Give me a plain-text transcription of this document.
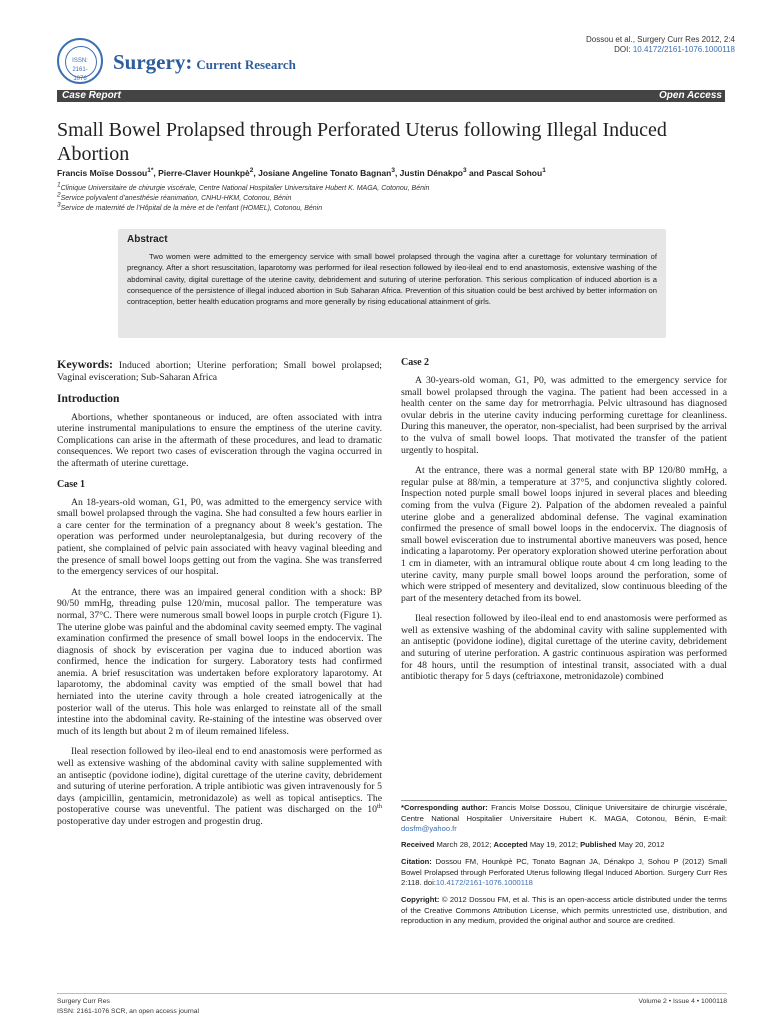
ISSN: 2161-1076
Surgery: Current Research
Dossou et al., Surgery Curr Res 2012, 2:4
DOI: 10.4172/2161-1076.1000118
Case Report	Open Access
Small Bowel Prolapsed through Perforated Uterus following Illegal Induced Abortion
Francis Moïse Dossou$^{1*}$, Pierre-Claver Hounkpè$^2$, Josiane Angeline Tonato Bagnan$^3$, Justin Dénakpo$^3$ and Pascal Sohou$^1$
1Clinique Universitaire de chirurgie viscérale, Centre National Hospitalier Universitaire Hubert K. MAGA, Cotonou, Bénin
2Service polyvalent d’anesthésie réanimation, CNHU-HKM, Cotonou, Bénin
3Service de maternité de l’Hôpital de la mère et de l’enfant (HOMEL), Cotonou, Bénin
Abstract

Two women were admitted to the emergency service with small bowel prolapsed through the vagina after a curettage for voluntary termination of pregnancy. After a short resuscitation, laparotomy was performed for ileal resection followed by ileo-ileal end to end anastomosis, extensive washing of the abdominal cavity, digital curettage of the uterine cavity, debridement and suturing of uterine perforation. This serious complication of induced abortion is a consequence of the persistence of illegal induced abortion in Sub Saharan Africa. Prevention of this situation could be best archived by better information on contraception, better health education programs and more generally by rising educational attainment of girls.

Keywords: Induced abortion; Uterine perforation; Small bowel prolapsed; Vaginal evisceration; Sub-Saharan Africa

Introduction

Abortions, whether spontaneous or induced, are often associated with intra uterine instrumental manipulations to ensure the emptiness of the uterine cavity. Complications can arise in the aftermath of these procedures, and lead to dramatic consequences. We report two cases of evisceration through the vagina occurred in the aftermath of uterine curettage.

Case 1

An 18-years-old woman, G1, P0, was admitted to the emergency service with small bowel prolapsed through the vagina. She had consulted a few hours earlier in a care center for the termination of a pregnancy about 8 week’s gestation. The operation was performed under neuroleptanalgesia, but during recovery of the patient, she complained of pelvic pain associated with heavy vaginal bleeding and the presence of small bowel loops getting out from the vagina. She was transferred to the emergency services of our hospital.

At the entrance, there was an impaired general condition with a shock: BP 90/50 mmHg, threading pulse 120/min, mucosal pallor. The temperature was normal, 37°C. There were numerous small bowel loops in purple crotch (Figure 1). The uterine globe was painful and the abdominal cavity seemed empty. The vaginal examination confirmed the presence of small bowel loops in the endocervix. The diagnosis of shock by evisceration per vagina due to induced abortion was confirmed, hence the indication for surgery. Laboratory tests had confirmed anemia. A brief resuscitation was undertaken before exploratory laparotomy. At laparotomy, the abdominal cavity was emptied of the small bowel that had herniated into the uterine cavity through a hole created iatrogenically at the posterior wall of the uterus. This hole was enlarged to reinstate all of the small intestine into the abdominal cavity. Re-staining of the intestine was observed over much of its length but about 2 m of ileum remained lifeless.

Ileal resection followed by ileo-ileal end to end anastomosis were performed as well as extensive washing of the abdominal cavity with saline supplemented with an antiseptic (povidone iodine), digital curettage of the uterine cavity, debridement and suturing of uterine perforation. A triple antibiotic was given intravenously for 5 days (ampicillin, gentamicin, metronidazole) as well as topical antiseptics. The postoperative course was uneventful. The patient was discharged on the 10th postoperative day under estrogen and progestin drug.

Case 2

A 30-years-old woman, G1, P0, was admitted to the emergency service for small bowel prolapsed through the vagina. The patient had been accessed in a health center on the same day for metrorrhagia. Pelvic ultrasound has diagnosed ovular debris in the uterine cavity inducing performing curettage for cleanliness. During this maneuver, the operator, non-specialist, had been surprised by the arrival to the vulva of small bowel loops. That motivated the transfer of the patient urgently to hospital.

At the entrance, there was a normal general state with BP 120/80 mmHg, a regular pulse at 88/min, a temperature at 37°5, and conjunctiva slightly colored. Inspection noted purple small bowel loops injured in several places and bleeding coming from the vulva (Figure 2). Palpation of the abdomen revealed a painful uterine globe and a generalized abdominal defense. The vaginal examination confirmed the presence of small bowel loops in the endocervix. The diagnosis of small bowel evisceration due to instrumental abortive maneuvers was posed, hence indicating a laparotomy. Per operatory exploration showed uterine perforation about 1 cm in diameter, with an intramural oblique route about 4 cm long leading to the uterine cavity, many purple small bowel loops around the perforation, some of which were stripped of mesentery and devitalized, slow continuous bleeding of the part of the mesentery detached from its bowel.

Ileal resection followed by ileo-ileal end to end anastomosis were performed as well as extensive washing of the abdominal cavity with saline supplemented with an antiseptic (povidone iodine), digital curettage of the uterine cavity, debridement and suturing of uterine perforation. A gastric continuous aspiration was performed for 48 hours, until the resumption of intestinal transit, associated with a dual antibiotic therapy for 5 days (ceftriaxone, metronidazole) combined

*Corresponding author: Francis Moïse Dossou, Clinique Universitaire de chirurgie viscérale, Centre National Hospitalier Universitaire Hubert K. MAGA, Cotonou, Bénin, E-mail: dosfm@yahoo.fr
Received March 28, 2012; Accepted May 19, 2012; Published May 20, 2012
Citation: Dossou FM, Hounkpè PC, Tonato Bagnan JA, Dénakpo J, Sohou P (2012) Small Bowel Prolapsed through Perforated Uterus following Illegal Induced Abortion. Surgery Curr Res 2:118. doi:10.4172/2161-1076.1000118
Copyright: © 2012 Dossou FM, et al. This is an open-access article distributed under the terms of the Creative Commons Attribution License, which permits unrestricted use, distribution, and reproduction in any medium, provided the original author and source are credited.
Surgery Curr Res
ISSN: 2161-1076 SCR, an open access journal
Volume 2 • Issue 4 • 1000118
